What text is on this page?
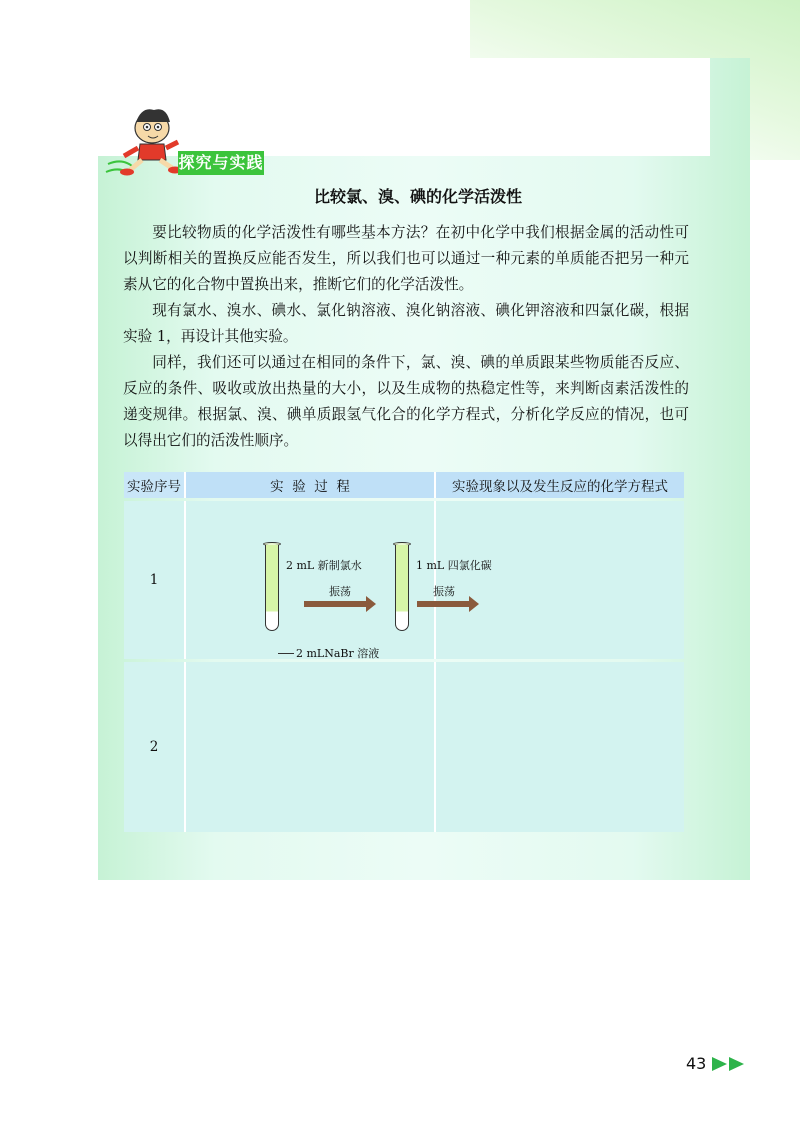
探究与实践
比较氯、溴、碘的化学活泼性

要比较物质的化学活泼性有哪些基本方法？在初中化学中我们根据金属的活动性可以判断相关的置换反应能否发生，所以我们也可以通过一种元素的单质能否把另一种元素从它的化合物中置换出来，推断它们的化学活泼性。

现有氯水、溴水、碘水、氯化钠溶液、溴化钠溶液、碘化钾溶液和四氯化碳，根据实验 1，再设计其他实验。

同样，我们还可以通过在相同的条件下，氯、溴、碘的单质跟某些物质能否反应、反应的条件、吸收或放出热量的大小，以及生成物的热稳定性等，来判断卤素活泼性的递变规律。根据氯、溴、碘单质跟氢气化合的化学方程式，分析化学反应的情况，也可以得出它们的活泼性顺序。

实验序号	实  验  过  程	实验现象以及发生反应的化学方程式
1
2 mL 新制氯水
2 mLNaBr 溶液
振荡
1 mL 四氯化碳
振荡
2
43
